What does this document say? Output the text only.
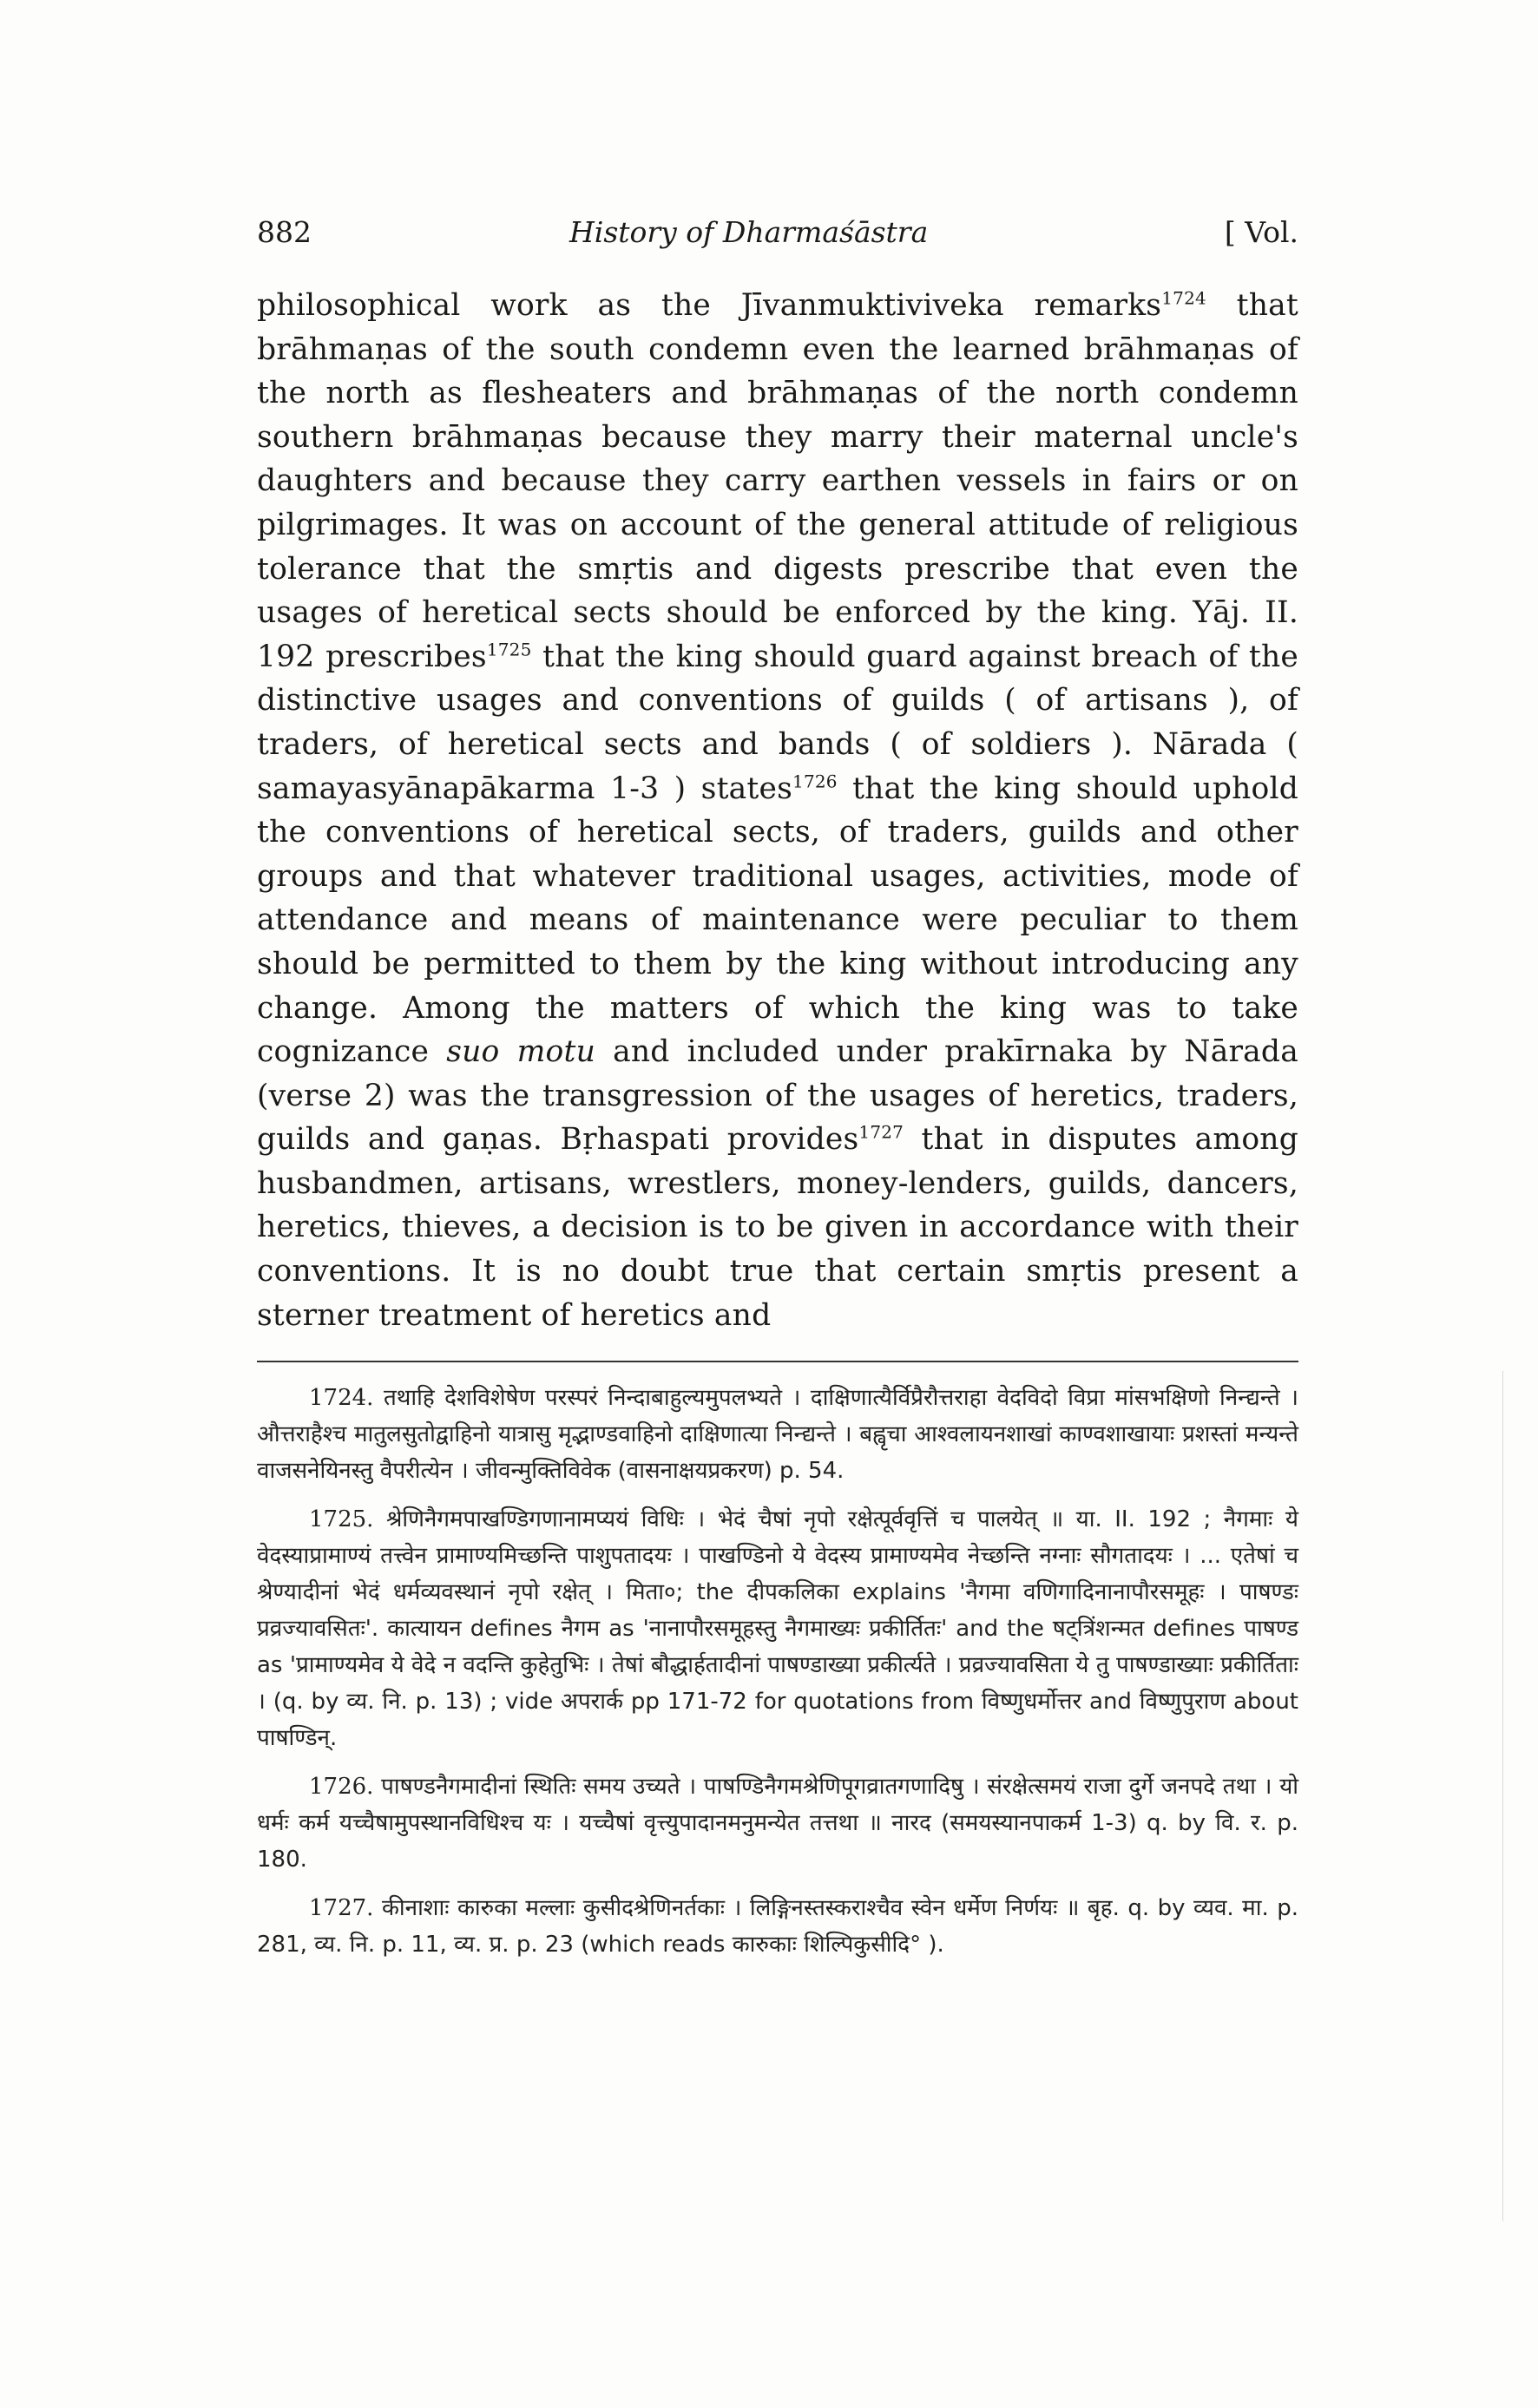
882	History of Dharmaśāstra	[ Vol.

philosophical work as the Jīvanmuktiviveka remarks$^{1724}$ that brāhmaṇas of the south condemn even the learned brāhmaṇas of the north as flesheaters and brāhmaṇas of the north condemn southern brāhmaṇas because they marry their maternal uncle's daughters and because they carry earthen vessels in fairs or on pilgrimages. It was on account of the general attitude of religious tolerance that the smṛtis and digests prescribe that even the usages of heretical sects should be enforced by the king. Yāj. II. 192 prescribes$^{1725}$ that the king should guard against breach of the distinctive usages and conventions of guilds ( of artisans ), of traders, of heretical sects and bands ( of soldiers ). Nārada ( samayasyānapākarma 1-3 ) states$^{1726}$ that the king should uphold the conventions of heretical sects, of traders, guilds and other groups and that whatever traditional usages, activities, mode of attendance and means of maintenance were peculiar to them should be permitted to them by the king without introducing any change. Among the matters of which the king was to take cognizance suo motu and included under prakīrnaka by Nārada (verse 2) was the transgression of the usages of heretics, traders, guilds and gaṇas. Bṛhaspati provides$^{1727}$ that in disputes among husbandmen, artisans, wrestlers, money-lenders, guilds, dancers, heretics, thieves, a decision is to be given in accordance with their conventions. It is no doubt true that certain smṛtis present a sterner treatment of heretics and

1724. तथाहि देशविशेषेण परस्परं निन्दाबाहुल्यमुपलभ्यते । दाक्षिणात्यैर्विप्रैरौत्तराहा वेदविदो विप्रा मांसभक्षिणो निन्द्यन्ते । औत्तराहैश्च मातुलसुतोद्वाहिनो यात्रासु मृद्भाण्डवाहिनो दाक्षिणात्या निन्द्यन्ते । बह्वृचा आश्वलायनशाखां काण्वशाखायाः प्रशस्तां मन्यन्ते वाजसनेयिनस्तु वैपरीत्येन । जीवन्मुक्तिविवेक (वासनाक्षयप्रकरण) p. 54.

1725. श्रेणिनैगमपाखण्डिगणानामप्ययं विधिः । भेदं चैषां नृपो रक्षेत्पूर्ववृत्तिं च पालयेत् ॥ या. II. 192 ; नैगमाः ये वेदस्याप्रामाण्यं तत्त्वेन प्रामाण्यमिच्छन्ति पाशुपतादयः । पाखण्डिनो ये वेदस्य प्रामाण्यमेव नेच्छन्ति नग्नाः सौगतादयः । ... एतेषां च श्रेण्यादीनां भेदं धर्मव्यवस्थानं नृपो रक्षेत् । मिता०; the दीपकलिका explains 'नैगमा वणिगादिनानापौरसमूहः । पाषण्डः प्रव्रज्यावसितः'. कात्यायन defines नैगम as 'नानापौरसमूहस्तु नैगमाख्यः प्रकीर्तितः' and the षट्त्रिंशन्मत defines पाषण्ड as 'प्रामाण्यमेव ये वेदे न वदन्ति कुहेतुभिः । तेषां बौद्धार्हतादीनां पाषण्डाख्या प्रकीर्त्यते । प्रव्रज्यावसिता ये तु पाषण्डाख्याः प्रकीर्तिताः । (q. by व्य. नि. p. 13) ; vide अपरार्क pp 171-72 for quotations from विष्णुधर्मोत्तर and विष्णुपुराण about पाषण्डिन्.

1726. पाषण्डनैगमादीनां स्थितिः समय उच्यते । पाषण्डिनैगमश्रेणिपूगव्रातगणादिषु । संरक्षेत्समयं राजा दुर्गे जनपदे तथा । यो धर्मः कर्म यच्चैषामुपस्थानविधिश्च यः । यच्चैषां वृत्त्युपादानमनुमन्येत तत्तथा ॥ नारद (समयस्यानपाकर्म 1-3) q. by वि. र. p. 180.

1727. कीनाशाः कारुका मल्लाः कुसीदश्रेणिनर्तकाः । लिङ्गिनस्तस्कराश्चैव स्वेन धर्मेण निर्णयः ॥ बृह. q. by व्यव. मा. p. 281, व्य. नि. p. 11, व्य. प्र. p. 23 (which reads कारुकाः शिल्पिकुसीदि° ).
